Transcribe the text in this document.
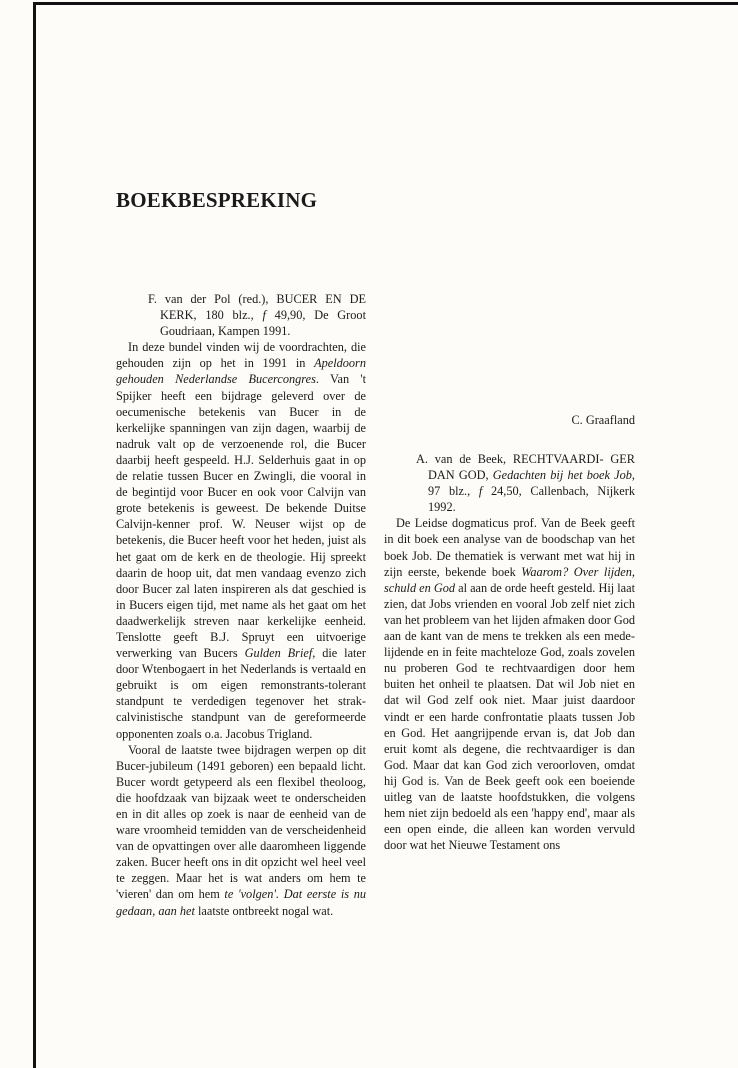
BOEKBESPREKING

F. van der Pol (red.), BUCER EN DE KERK, 180 blz., f 49,90, De Groot Goudriaan, Kampen 1991.

In deze bundel vinden wij de voordrachten, die gehouden zijn op het in 1991 in Apeldoorn gehouden Nederlandse Bucercongres. Van 't Spijker heeft een bijdrage geleverd over de oecumenische betekenis van Bucer in de kerkelijke spanningen van zijn dagen, waarbij de nadruk valt op de verzoenende rol, die Bucer daarbij heeft gespeeld. H.J. Selderhuis gaat in op de relatie tussen Bucer en Zwingli, die vooral in de begintijd voor Bucer en ook voor Calvijn van grote betekenis is geweest. De bekende Duitse Calvijn-kenner prof. W. Neuser wijst op de betekenis, die Bucer heeft voor het heden, juist als het gaat om de kerk en de theologie. Hij spreekt daarin de hoop uit, dat men vandaag evenzo zich door Bucer zal laten inspireren als dat geschied is in Bucers eigen tijd, met name als het gaat om het daadwerkelijk streven naar kerkelijke eenheid. Tenslotte geeft B.J. Spruyt een uitvoerige verwerking van Bucers Gulden Brief, die later door Wtenbogaert in het Nederlands is vertaald en gebruikt is om eigen remonstrants-tolerant standpunt te verdedigen tegenover het strak-calvinistische standpunt van de gereformeerde opponenten zoals o.a. Jacobus Trigland.

Vooral de laatste twee bijdragen werpen op dit Bucer-jubileum (1491 geboren) een bepaald licht. Bucer wordt getypeerd als een flexibel theoloog, die hoofdzaak van bijzaak weet te onderscheiden en in dit alles op zoek is naar de eenheid van de ware vroomheid temidden van de verscheidenheid van de opvattingen over alle daaromheen liggende zaken. Bucer heeft ons in dit opzicht wel heel veel te zeggen. Maar het is wat anders om hem te 'vieren' dan om hem te 'volgen'. Dat eerste is nu gedaan, aan het laatste ontbreekt nogal wat.

C. Graafland

A. van de Beek, RECHTVAARDI- GER DAN GOD, Gedachten bij het boek Job, 97 blz., f 24,50, Callenbach, Nijkerk 1992.

De Leidse dogmaticus prof. Van de Beek geeft in dit boek een analyse van de boodschap van het boek Job. De thematiek is verwant met wat hij in zijn eerste, bekende boek Waarom? Over lijden, schuld en God al aan de orde heeft gesteld. Hij laat zien, dat Jobs vrienden en vooral Job zelf niet zich van het probleem van het lijden afmaken door God aan de kant van de mens te trekken als een mede-lijdende en in feite machteloze God, zoals zovelen nu proberen God te rechtvaardigen door hem buiten het onheil te plaatsen. Dat wil Job niet en dat wil God zelf ook niet. Maar juist daardoor vindt er een harde confrontatie plaats tussen Job en God. Het aangrijpende ervan is, dat Job dan eruit komt als degene, die rechtvaardiger is dan God. Maar dat kan God zich veroorloven, omdat hij God is. Van de Beek geeft ook een boeiende uitleg van de laatste hoofdstukken, die volgens hem niet zijn bedoeld als een 'happy end', maar als een open einde, die alleen kan worden vervuld door wat het Nieuwe Testament ons
